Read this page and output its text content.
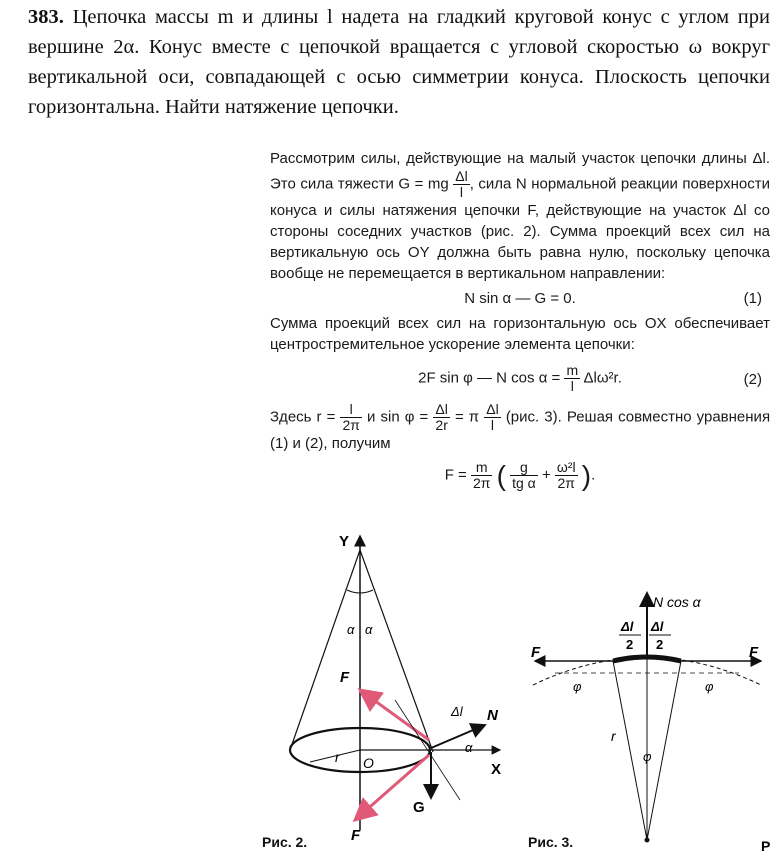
383. Цепочка массы m и длины l надета на гладкий круговой конус с углом при вершине 2α. Конус вместе с цепочкой вращается с угловой скоростью ω вокруг вертикальной оси, совпадающей с осью симметрии конуса. Плоскость цепочки горизонтальна. Найти натяжение цепочки.

Рассмотрим силы, действующие на малый участок цепочки длины Δl. Это сила тяжести G = mg $\frac{\Delta l}{l}$ , сила N нормальной реакции поверхности конуса и силы натяжения цепочки F, действующие на участок Δl со стороны соседних участков (рис. 2). Сумма проекций всех сил на вертикальную ось OY должна быть равна нулю, поскольку цепочка вообще не перемещается в вертикальном направлении:

N sin α — G = 0.	(1)

Сумма проекций всех сил на горизонтальную ось OX обеспечивает центростремительное ускорение элемента цепочки:

2F sin φ — N $\cos \alpha = \frac{m}{l} \Delta l\omega^2r$.	(2)

Здесь $r = \frac{l}{2\pi}$ и $\sin \varphi = \frac{\Delta l}{2r} = \pi \frac{\Delta l}{l} (рис$. 3). Решая совместно уравнения (1) и (2), получим

$F = \frac{m}{2\pi}$ ( $\frac{g}{\text{tg α}} + \frac{\text{ω²l}}{2\pi}$ ).
Y
X
O
r
α α
α
F
F
N
G
Δl
Рис. 2.
N cos α
Δl
2
Δl
2
F	F
φ	φ
φ
r
P
Рис. 3.
